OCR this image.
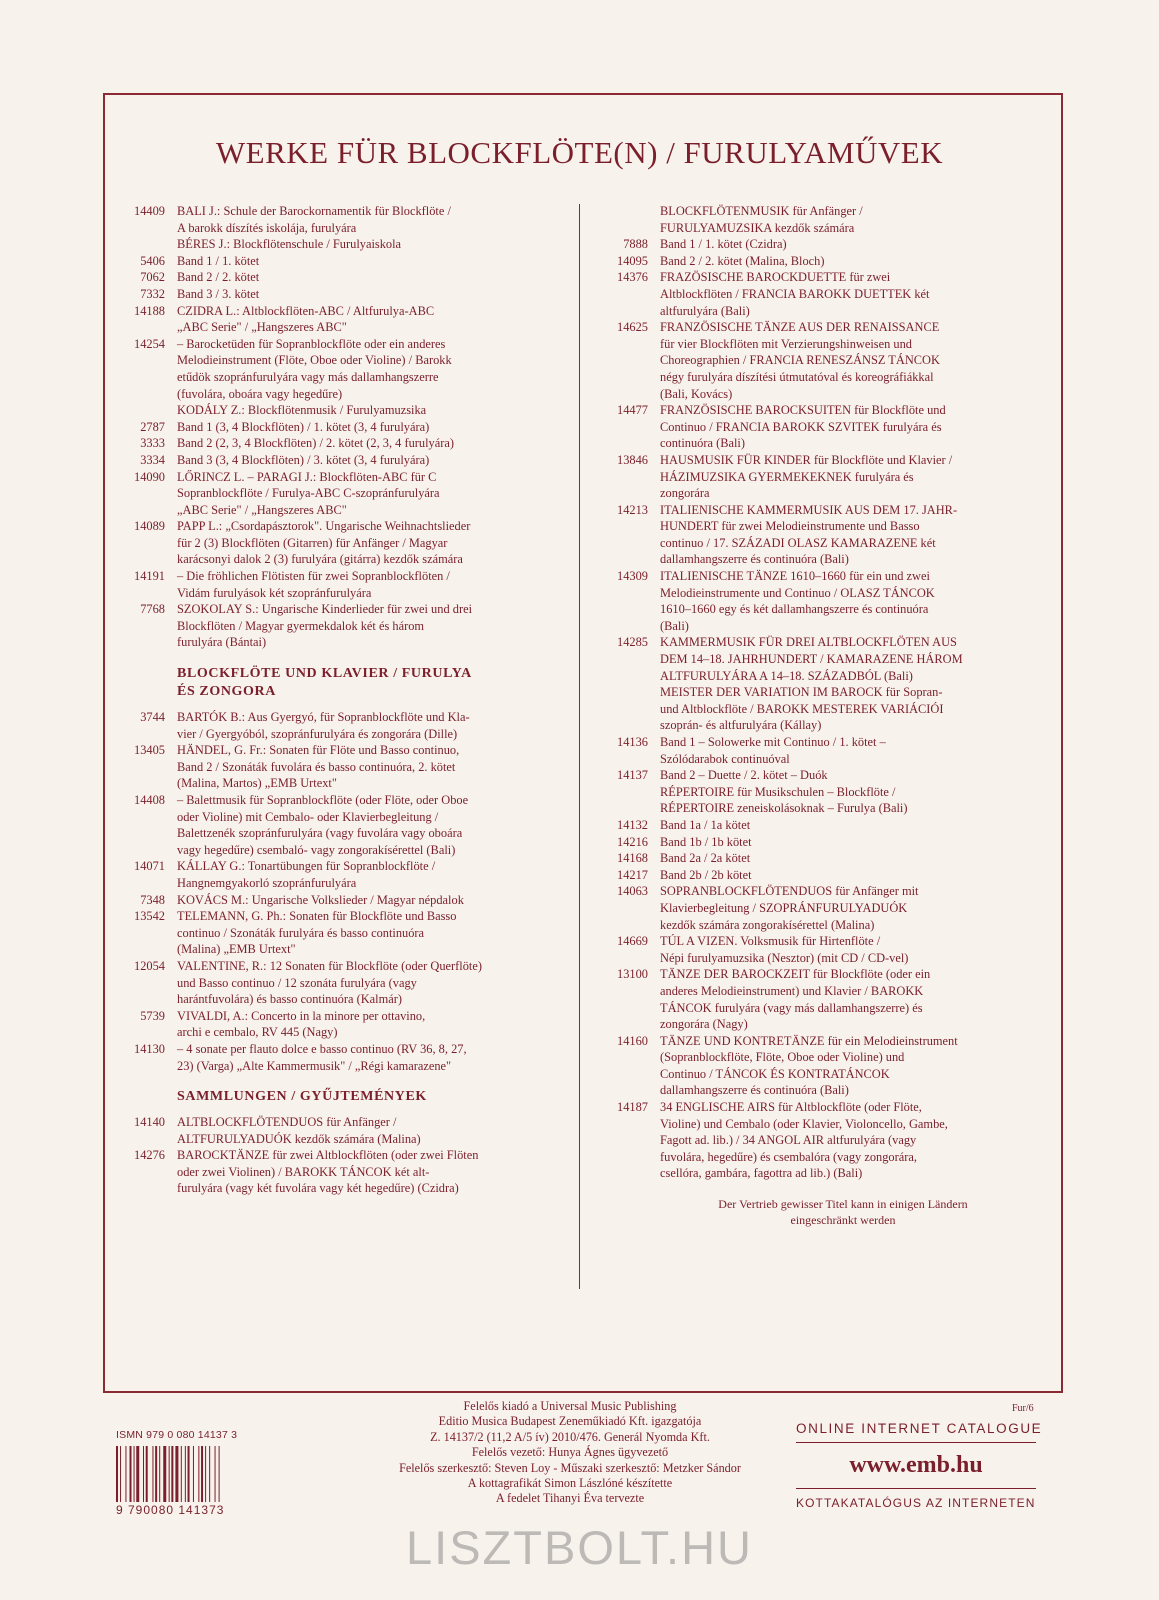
WERKE FÜR BLOCKFLÖTE(N) / FURULYAMŰVEK
14409 BALI J.: Schule der Barockornamentik für Blockflöte /
A barokk díszítés iskolája, furulyára
BÉRES J.: Blockflötenschule / Furulyaiskola
5406 Band 1 / 1. kötet
7062 Band 2 / 2. kötet
7332 Band 3 / 3. kötet
14188 CZIDRA L.: Altblockflöten-ABC / Altfurulya-ABC
„ABC Serie" / „Hangszeres ABC"
14254 – Barocketüden für Sopranblockflöte oder ein anderes
Melodieinstrument (Flöte, Oboe oder Violine) / Barokk
etűdök szopránfurulyára vagy más dallamhangszerre
(fuvolára, oboára vagy hegedűre)
KODÁLY Z.: Blockflötenmusik / Furulyamuzsika
2787 Band 1 (3, 4 Blockflöten) / 1. kötet (3, 4 furulyára)
3333 Band 2 (2, 3, 4 Blockflöten) / 2. kötet (2, 3, 4 furulyára)
3334 Band 3 (3, 4 Blockflöten) / 3. kötet (3, 4 furulyára)
14090 LŐRINCZ L. – PARAGI J.: Blockflöten-ABC für C
Sopranblockflöte / Furulya-ABC C-szopránfurulyára
„ABC Serie" / „Hangszeres ABC"
14089 PAPP L.: „Csordapásztorok". Ungarische Weihnachtslieder
für 2 (3) Blockflöten (Gitarren) für Anfänger / Magyar
karácsonyi dalok 2 (3) furulyára (gitárra) kezdők számára
14191 – Die fröhlichen Flötisten für zwei Sopranblockflöten /
Vidám furulyások két szopránfurulyára
7768 SZOKOLAY S.: Ungarische Kinderlieder für zwei und drei
Blockflöten / Magyar gyermekdalok két és három
furulyára (Bántai)
BLOCKFLÖTE UND KLAVIER / FURULYA
ÉS ZONGORA
3744 BARTÓK B.: Aus Gyergyó, für Sopranblockflöte und Kla-
vier / Gyergyóból, szopránfurulyára és zongorára (Dille)
13405 HÄNDEL, G. Fr.: Sonaten für Flöte und Basso continuo,
Band 2 / Szonáták fuvolára és basso continuóra, 2. kötet
(Malina, Martos) „EMB Urtext"
14408 – Balettmusik für Sopranblockflöte (oder Flöte, oder Oboe
oder Violine) mit Cembalo- oder Klavierbegleitung /
Balettzenék szopránfurulyára (vagy fuvolára vagy oboára
vagy hegedűre) csembaló- vagy zongorakísérettel (Bali)
14071 KÁLLAY G.: Tonartübungen für Sopranblockflöte /
Hangnemgyakorló szopránfurulyára
7348 KOVÁCS M.: Ungarische Volkslieder / Magyar népdalok
13542 TELEMANN, G. Ph.: Sonaten für Blockflöte und Basso
continuo / Szonáták furulyára és basso continuóra
(Malina) „EMB Urtext"
12054 VALENTINE, R.: 12 Sonaten für Blockflöte (oder Querflöte)
und Basso continuo / 12 szonáta furulyára (vagy
harántfuvolára) és basso continuóra (Kalmár)
5739 VIVALDI, A.: Concerto in la minore per ottavino,
archi e cembalo, RV 445 (Nagy)
14130 – 4 sonate per flauto dolce e basso continuo (RV 36, 8, 27,
23) (Varga) „Alte Kammermusik" / „Régi kamarazene"
SAMMLUNGEN / GYŰJTEMÉNYEK
14140 ALTBLOCKFLÖTENDUOS für Anfänger /
ALTFURULYADUÓK kezdők számára (Malina)
14276 BAROCKTÄNZE für zwei Altblockflöten (oder zwei Flöten
oder zwei Violinen) / BAROKK TÁNCOK két alt-
furulyára (vagy két fuvolára vagy két hegedűre) (Czidra)
BLOCKFLÖTENMUSIK für Anfänger /
FURULYAMUZSIKA kezdők számára
7888 Band 1 / 1. kötet (Czidra)
14095 Band 2 / 2. kötet (Malina, Bloch)
14376 FRAZÖSISCHE BAROCKDUETTE für zwei
Altblockflöten / FRANCIA BAROKK DUETTEK két
altfurulyára (Bali)
14625 FRANZÖSISCHE TÄNZE AUS DER RENAISSANCE
für vier Blockflöten mit Verzierungshinweisen und
Choreographien / FRANCIA RENESZÁNSZ TÁNCOK
négy furulyára díszítési útmutatóval és koreográfiákkal
(Bali, Kovács)
14477 FRANZÖSISCHE BAROCKSUITEN für Blockflöte und
Continuo / FRANCIA BAROKK SZVITEK furulyára és
continuóra (Bali)
13846 HAUSMUSIK FÜR KINDER für Blockflöte und Klavier /
HÁZIMUZSIKA GYERMEKEKNEK furulyára és
zongorára
14213 ITALIENISCHE KAMMERMUSIK AUS DEM 17. JAHR-
HUNDERT für zwei Melodieinstrumente und Basso
continuo / 17. SZÁZADI OLASZ KAMARAZENE két
dallamhangszerre és continuóra (Bali)
14309 ITALIENISCHE TÄNZE 1610–1660 für ein und zwei
Melodieinstrumente und Continuo / OLASZ TÁNCOK
1610–1660 egy és két dallamhangszerre és continuóra
(Bali)
14285 KAMMERMUSIK FÜR DREI ALTBLOCKFLÖTEN AUS
DEM 14–18. JAHRHUNDERT / KAMARAZENE HÁROM
ALTFURULYÁRA A 14–18. SZÁZADBÓL (Bali)
MEISTER DER VARIATION IM BAROCK für Sopran-
und Altblockflöte / BAROKK MESTEREK VARIÁCIÓI
szoprán- és altfurulyára (Kállay)
14136 Band 1 – Solowerke mit Continuo / 1. kötet –
Szólódarabok continuóval
14137 Band 2 – Duette / 2. kötet – Duók
RÉPERTOIRE für Musikschulen – Blockflöte /
RÉPERTOIRE zeneiskolásoknak – Furulya (Bali)
14132 Band 1a / 1a kötet
14216 Band 1b / 1b kötet
14168 Band 2a / 2a kötet
14217 Band 2b / 2b kötet
14063 SOPRANBLOCKFLÖTENDUOS für Anfänger mit
Klavierbegleitung / SZOPRÁNFURULYADUÓK
kezdők számára zongorakísérettel (Malina)
14669 TÚL A VIZEN. Volksmusik für Hirtenflöte /
Népi furulyamuzsika (Nesztor) (mit CD / CD-vel)
13100 TÄNZE DER BAROCKZEIT für Blockflöte (oder ein
anderes Melodieinstrument) und Klavier / BAROKK
TÁNCOK furulyára (vagy más dallamhangszerre) és
zongorára (Nagy)
14160 TÄNZE UND KONTRETÄNZE für ein Melodieinstrument
(Sopranblockflöte, Flöte, Oboe oder Violine) und
Continuo / TÁNCOK ÉS KONTRATÁNCOK
dallamhangszerre és continuóra (Bali)
14187 34 ENGLISCHE AIRS für Altblockflöte (oder Flöte,
Violine) und Cembalo (oder Klavier, Violoncello, Gambe,
Fagott ad. lib.) / 34 ANGOL AIR altfurulyára (vagy
fuvolára, hegedűre) és csembalóra (vagy zongorára,
csellóra, gambára, fagottra ad lib.) (Bali)
Der Vertrieb gewisser Titel kann in einigen Ländern
eingeschränkt werden
Fur/6
Felelős kiadó a Universal Music Publishing
Editio Musica Budapest Zeneműkiadó Kft. igazgatója
Z. 14137/2 (11,2 A/5 ív) 2010/476. Generál Nyomda Kft.
Felelős vezető: Hunya Ágnes ügyvezető
Felelős szerkesztő: Steven Loy - Műszaki szerkesztő: Metzker Sándor
A kottagrafikát Simon Lászlóné készítette
A fedelet Tihanyi Éva tervezte
ISMN 979 0 080 14137 3
9 790080 141373
ONLINE INTERNET CATALOGUE
www.emb.hu
KOTTAKATALÓGUS AZ INTERNETEN
LISZTBOLT.HU
